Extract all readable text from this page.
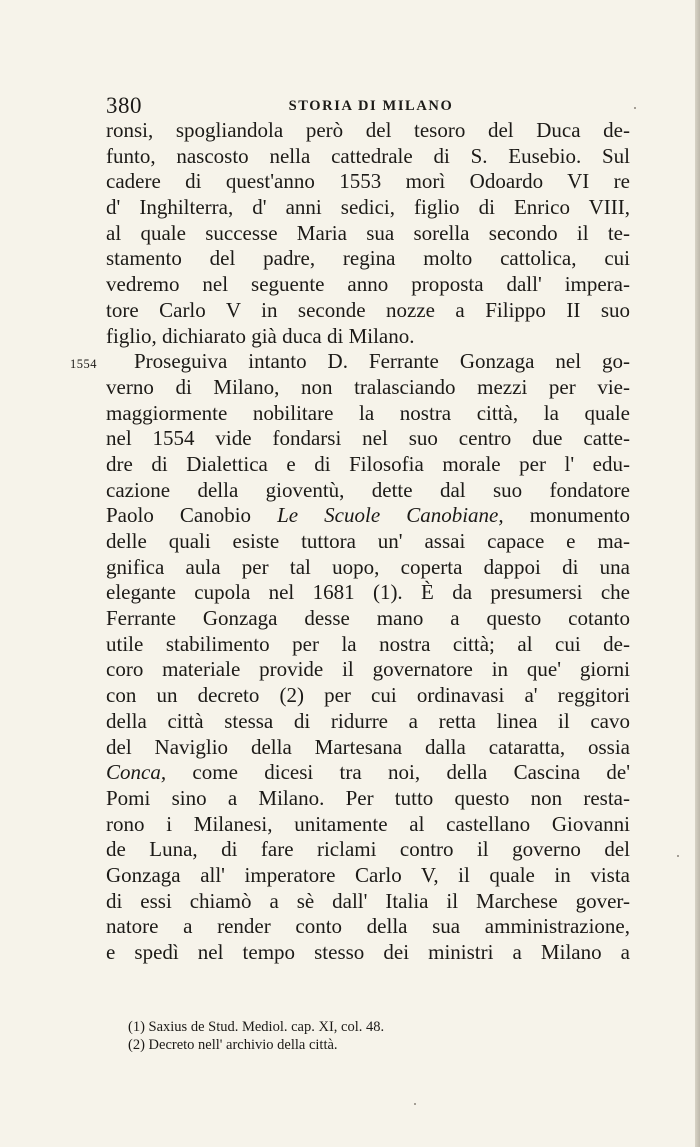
380	STORIA DI MILANO
1554
ronsi, spogliandola però del tesoro del Duca de-
funto, nascosto nella cattedrale di S. Eusebio. Sul
cadere di quest'anno 1553 morì Odoardo VI re
d' Inghilterra, d' anni sedici, figlio di Enrico VIII,
al quale successe Maria sua sorella secondo il te-
stamento del padre, regina molto cattolica, cui
vedremo nel seguente anno proposta dall' impera-
tore Carlo V in seconde nozze a Filippo II suo
figlio, dichiarato già duca di Milano.
Proseguiva intanto D. Ferrante Gonzaga nel go-
verno di Milano, non tralasciando mezzi per vie-
maggiormente nobilitare la nostra città, la quale
nel 1554 vide fondarsi nel suo centro due catte-
dre di Dialettica e di Filosofia morale per l' edu-
cazione della gioventù, dette dal suo fondatore
Paolo Canobio Le Scuole Canobiane, monumento
delle quali esiste tuttora un' assai capace e ma-
gnifica aula per tal uopo, coperta dappoi di una
elegante cupola nel 1681 (1). È da presumersi che
Ferrante Gonzaga desse mano a questo cotanto
utile stabilimento per la nostra città; al cui de-
coro materiale provide il governatore in que' giorni
con un decreto (2) per cui ordinavasi a' reggitori
della città stessa di ridurre a retta linea il cavo
del Naviglio della Martesana dalla cataratta, ossia
Conca, come dicesi tra noi, della Cascina de'
Pomi sino a Milano. Per tutto questo non resta-
rono i Milanesi, unitamente al castellano Giovanni
de Luna, di fare riclami contro il governo del
Gonzaga all' imperatore Carlo V, il quale in vista
di essi chiamò a sè dall' Italia il Marchese gover-
natore a render conto della sua amministrazione,
e spedì nel tempo stesso dei ministri a Milano a
(1) Saxius de Stud. Mediol. cap. XI, col. 48.
(2) Decreto nell' archivio della città.
